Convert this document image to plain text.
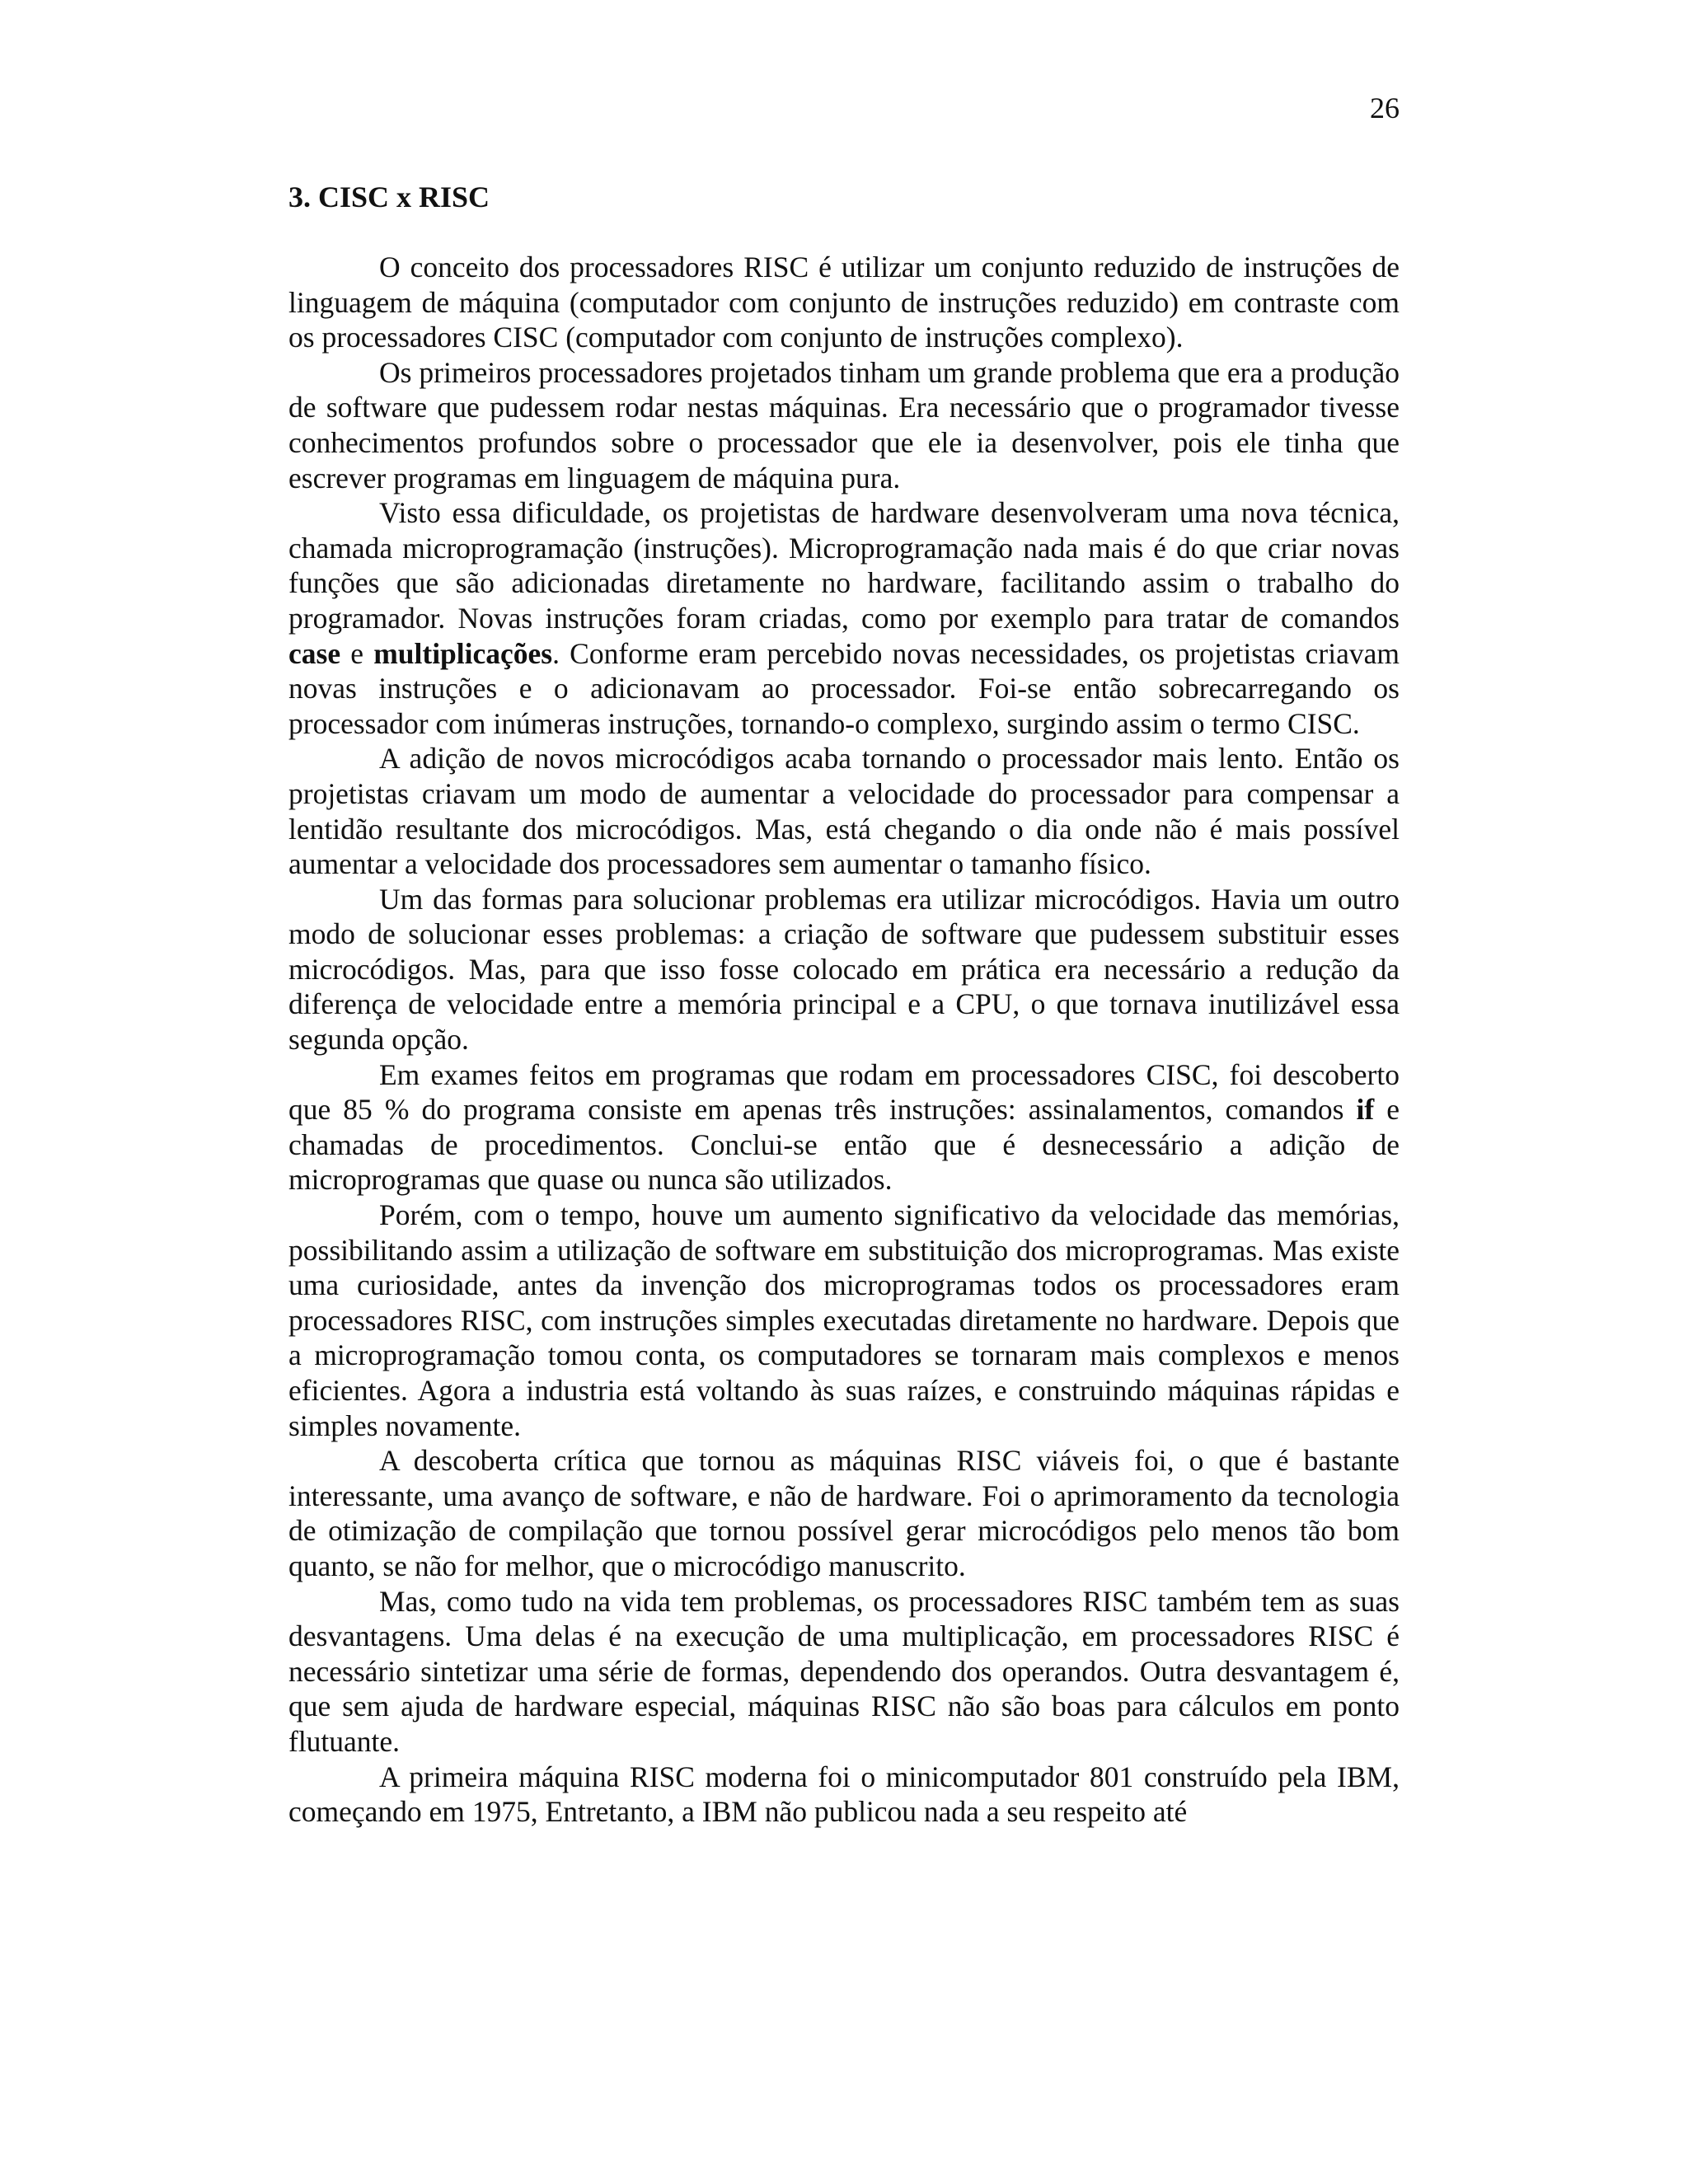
26
3. CISC x RISC

O conceito dos processadores RISC é utilizar um conjunto reduzido de instruções de linguagem de máquina (computador com conjunto de instruções reduzido) em contraste com os processadores CISC (computador com conjunto de instruções complexo).

Os primeiros processadores projetados tinham um grande problema que era a produção de software que pudessem rodar nestas máquinas. Era necessário que o programador tivesse conhecimentos profundos sobre o processador que ele ia desenvolver, pois ele tinha que escrever programas em linguagem de máquina pura.

Visto essa dificuldade, os projetistas de hardware desenvolveram uma nova técnica, chamada microprogramação (instruções). Microprogramação nada mais é do que criar novas funções que são adicionadas diretamente no hardware, facilitando assim o trabalho do programador. Novas instruções foram criadas, como por exemplo para tratar de comandos case e multiplicações. Conforme eram percebido novas necessidades, os projetistas criavam novas instruções e o adicionavam ao processador. Foi-se então sobrecarregando os processador com inúmeras instruções, tornando-o complexo, surgindo assim o termo CISC.

A adição de novos microcódigos acaba tornando o processador mais lento. Então os projetistas criavam um modo de aumentar a velocidade do processador para compensar a lentidão resultante dos microcódigos. Mas, está chegando o dia onde não é mais possível aumentar a velocidade dos processadores sem aumentar o tamanho físico.

Um das formas para solucionar problemas era utilizar microcódigos. Havia um outro modo de solucionar esses problemas: a criação de software que pudessem substituir esses microcódigos. Mas, para que isso fosse colocado em prática era necessário a redução da diferença de velocidade entre a memória principal e a CPU, o que tornava inutilizável essa segunda opção.

Em exames feitos em programas que rodam em processadores CISC, foi descoberto que 85 % do programa consiste em apenas três instruções: assinalamentos, comandos if e chamadas de procedimentos. Conclui-se então que é desnecessário a adição de microprogramas que quase ou nunca são utilizados.

Porém, com o tempo, houve um aumento significativo da velocidade das memórias, possibilitando assim a utilização de software em substituição dos microprogramas. Mas existe uma curiosidade, antes da invenção dos microprogramas todos os processadores eram processadores RISC, com instruções simples executadas diretamente no hardware. Depois que a microprogramação tomou conta, os computadores se tornaram mais complexos e menos eficientes. Agora a industria está voltando às suas raízes, e construindo máquinas rápidas e simples novamente.

A descoberta crítica que tornou as máquinas RISC viáveis foi, o que é bastante interessante, uma avanço de software, e não de hardware. Foi o aprimoramento da tecnologia de otimização de compilação que tornou possível gerar microcódigos pelo menos tão bom quanto, se não for melhor, que o microcódigo manuscrito.

Mas, como tudo na vida tem problemas, os processadores RISC também tem as suas desvantagens. Uma delas é na execução de uma multiplicação, em processadores RISC é necessário sintetizar uma série de formas, dependendo dos operandos. Outra desvantagem é, que sem ajuda de hardware especial, máquinas RISC não são boas para cálculos em ponto flutuante.

A primeira máquina RISC moderna foi o minicomputador 801 construído pela IBM, começando em 1975, Entretanto, a IBM não publicou nada a seu respeito até
